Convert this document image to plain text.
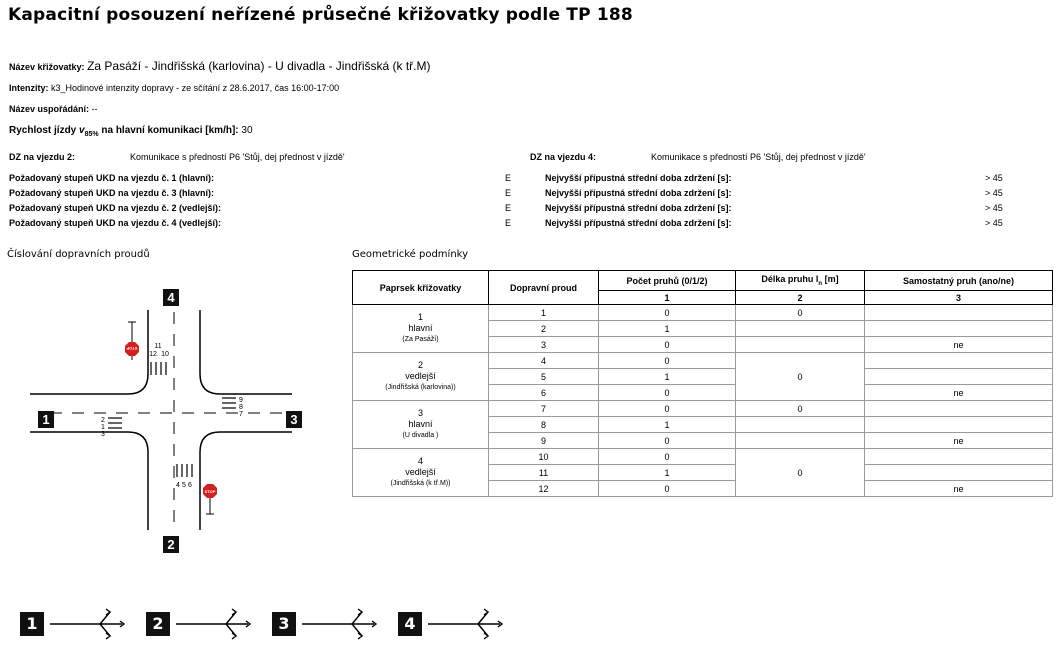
Kapacitní posouzení neřízené průsečné křižovatky podle TP 188
Název křižovatky: Za Pasáží - Jindřišská (karlovina) - U divadla - Jindřišská (k tř.M)
Intenzity: k3_Hodinové intenzity dopravy - ze sčítání z 28.6.2017, čas 16:00-17:00
Název uspořádání: --
Rychlost jízdy $v_{85\%}$ na hlavní komunikaci [km/h]: 30
DZ na vjezdu 2:	Komunikace s předností P6 'Stůj, dej přednost v jízdě'	DZ na vjezdu 4:	Komunikace s předností P6 'Stůj, dej přednost v jízdě'
Požadovaný stupeň UKD na vjezdu č. 1 (hlavní):	E	Nejvyšší přípustná střední doba zdržení [s]:	> 45
Požadovaný stupeň UKD na vjezdu č. 3 (hlavní):	E	Nejvyšší přípustná střední doba zdržení [s]:	> 45
Požadovaný stupeň UKD na vjezdu č. 2 (vedlejší):	E	Nejvyšší přípustná střední doba zdržení [s]:	> 45
Požadovaný stupeň UKD na vjezdu č. 4 (vedlejší):	E	Nejvyšší přípustná střední doba zdržení [s]:	> 45
Číslování dopravních proudů	Geometrické podmínky
4
2
1	3
11
12 10
9
8
7
2
1
3
4 5 6
STOP
STOP
Paprsek křižovatky	Dopravní proud	Počet pruhů (0/1/2)	Délka pruhu $l_n$ [m]	Samostatný pruh (ano/ne)
		1	2	3

1
hlavní
(Za Pasáží)	1	0	0	
	2	1		
	3	0		ne

2
vedlejší
(Jindřišská (karlovina))	4	0	0	
	5	1		
	6	0		ne

3
hlavní
(U divadla )	7	0	0	
	8	1		
	9	0		ne

4
vedlejší
(Jindřišská (k tř.M))	10	0	0	
	11	1		
	12	0		ne
1	2	3	4
